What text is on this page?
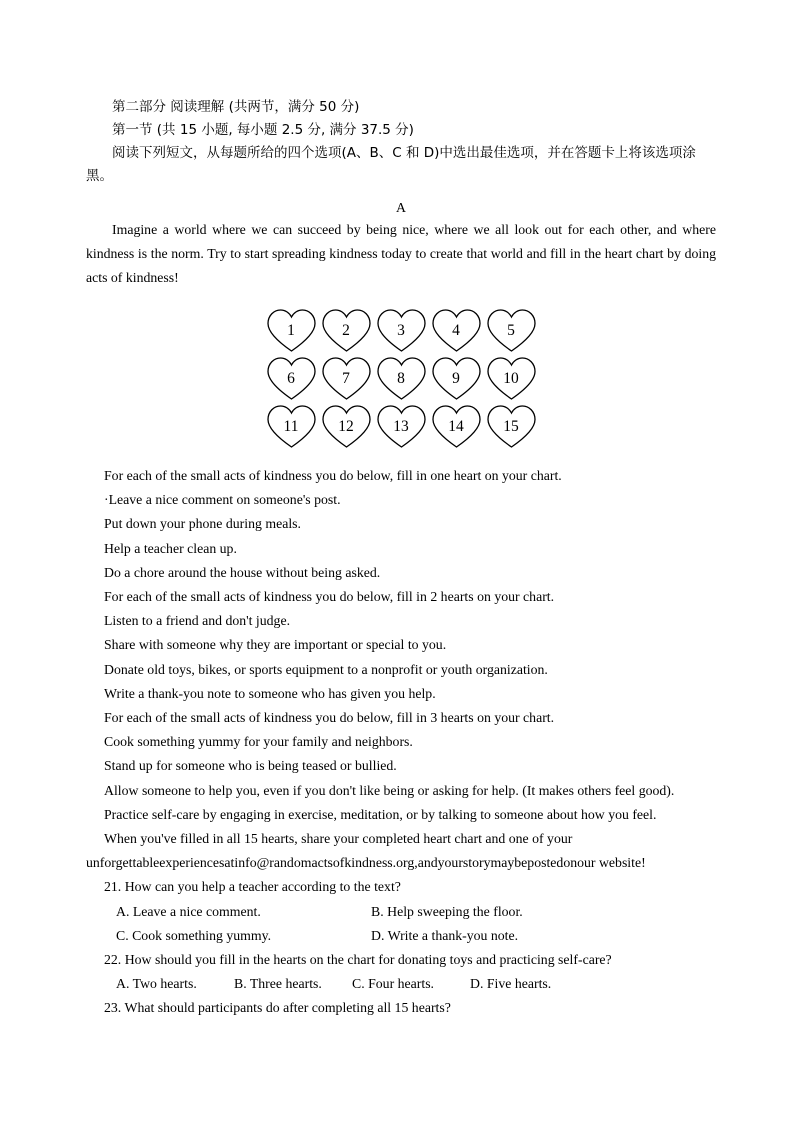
第二部分 阅读理解 (共两节，满分 50 分)
第一节 (共 15 小题, 每小题 2.5 分, 满分 37.5 分)
阅读下列短文，从每题所给的四个选项(A、B、C 和 D)中选出最佳选项，并在答题卡上将该选项涂黑。
A
Imagine a world where we can succeed by being nice, where we all look out for each other, and where kindness is the norm. Try to start spreading kindness today to create that world and fill in the heart chart by doing acts of kindness!
1	2	3	4	5
6	7	8	9	10
11	12	13	14	15
For each of the small acts of kindness you do below, fill in one heart on your chart.
·Leave a nice comment on someone's post.
Put down your phone during meals.
Help a teacher clean up.
Do a chore around the house without being asked.
For each of the small acts of kindness you do below, fill in 2 hearts on your chart.
Listen to a friend and don't judge.
Share with someone why they are important or special to you.
Donate old toys, bikes, or sports equipment to a nonprofit or youth organization.
Write a thank-you note to someone who has given you help.
For each of the small acts of kindness you do below, fill in 3 hearts on your chart.
Cook something yummy for your family and neighbors.
Stand up for someone who is being teased or bullied.
Allow someone to help you, even if you don't like being or asking for help. (It makes others feel good).
Practice self-care by engaging in exercise, meditation, or by talking to someone about how you feel.
When you've filled in all 15 hearts, share your completed heart chart and one of your
unforgettableexperiencesatinfo@randomactsofkindness.org,andyourstorymaybepostedonour website!
21. How can you help a teacher according to the text?
A. Leave a nice comment.	B. Help sweeping the floor.
C. Cook something yummy.	D. Write a thank-you note.
22. How should you fill in the hearts on the chart for donating toys and practicing self-care?
A. Two hearts.	B. Three hearts.	C. Four hearts.	D. Five hearts.
23. What should participants do after completing all 15 hearts?
